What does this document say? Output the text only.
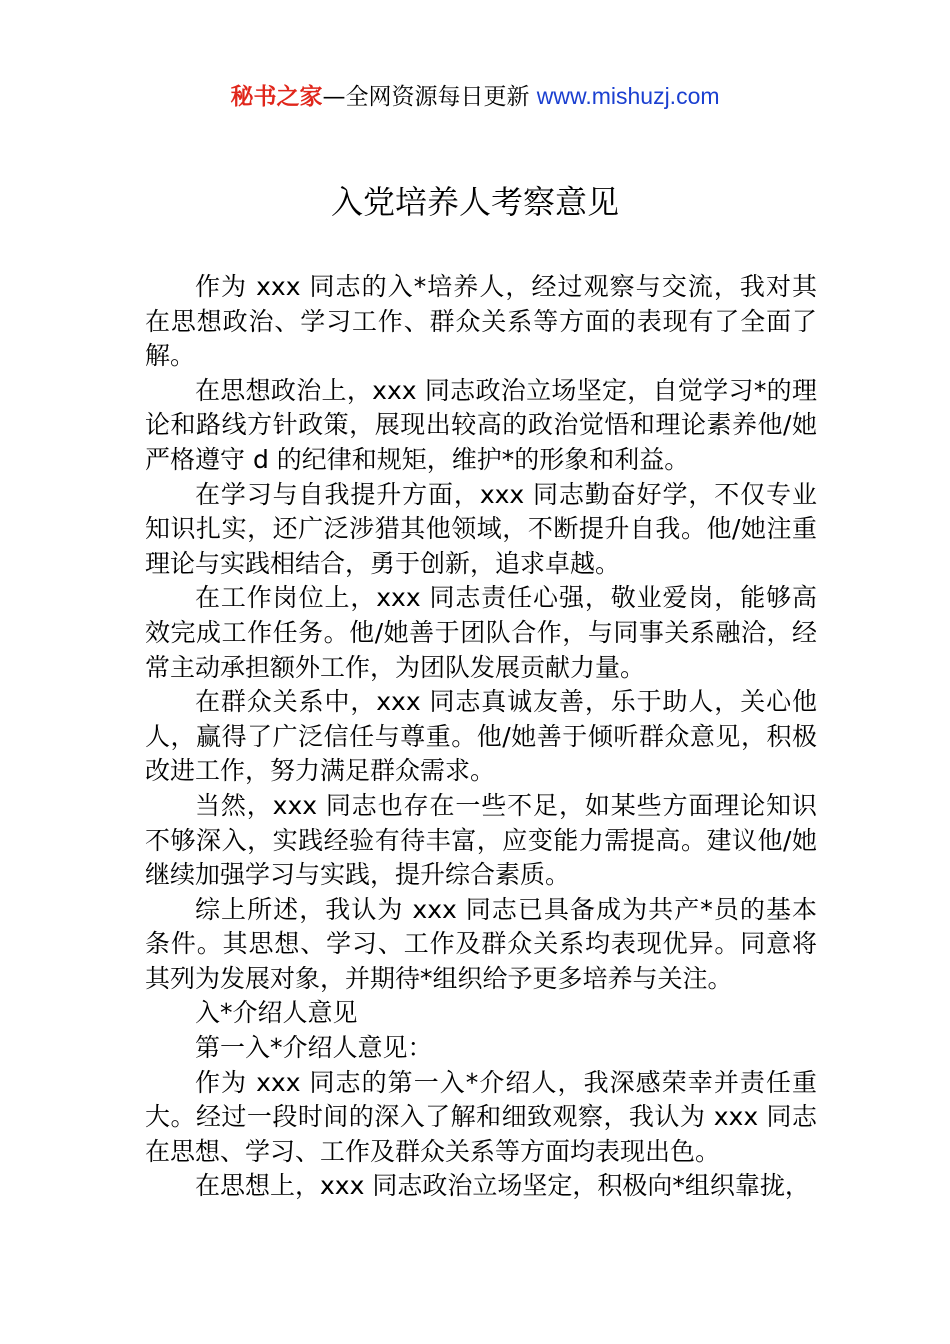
秘书之家—全网资源每日更新 www.mishuzj.com
入党培养人考察意见

作为 xxx 同志的入*培养人，经过观察与交流，我对其在思想政治、学习工作、群众关系等方面的表现有了全面了解。

在思想政治上，xxx 同志政治立场坚定，自觉学习*的理论和路线方针政策，展现出较高的政治觉悟和理论素养他/她严格遵守 d 的纪律和规矩，维护*的形象和利益。

在学习与自我提升方面，xxx 同志勤奋好学，不仅专业知识扎实，还广泛涉猎其他领域，不断提升自我。他/她注重理论与实践相结合，勇于创新，追求卓越。

在工作岗位上，xxx 同志责任心强，敬业爱岗，能够高效完成工作任务。他/她善于团队合作，与同事关系融洽，经常主动承担额外工作，为团队发展贡献力量。

在群众关系中，xxx 同志真诚友善，乐于助人，关心他人，赢得了广泛信任与尊重。他/她善于倾听群众意见，积极改进工作，努力满足群众需求。

当然，xxx 同志也存在一些不足，如某些方面理论知识不够深入，实践经验有待丰富，应变能力需提高。建议他/她继续加强学习与实践，提升综合素质。

综上所述，我认为 xxx 同志已具备成为共产*员的基本条件。其思想、学习、工作及群众关系均表现优异。同意将其列为发展对象，并期待*组织给予更多培养与关注。

入*介绍人意见

第一入*介绍人意见：

作为 xxx 同志的第一入*介绍人，我深感荣幸并责任重大。经过一段时间的深入了解和细致观察，我认为 xxx 同志在思想、学习、工作及群众关系等方面均表现出色。

在思想上，xxx 同志政治立场坚定，积极向*组织靠拢，
